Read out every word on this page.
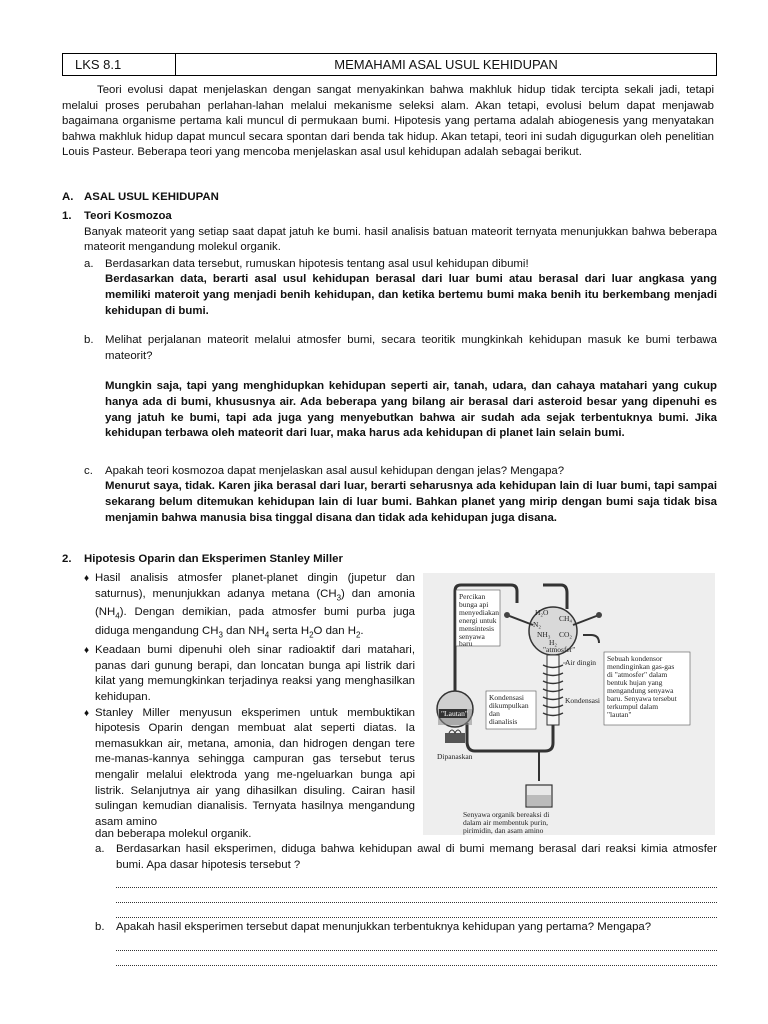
LKS 8.1	MEMAHAMI ASAL USUL KEHIDUPAN

Teori evolusi dapat menjelaskan dengan sangat menyakinkan bahwa makhluk hidup tidak tercipta sekali jadi, tetapi melalui proses perubahan perlahan-lahan melalui mekanisme seleksi alam. Akan tetapi, evolusi belum dapat menjawab bagaimana organisme pertama kali muncul di permukaan bumi. Hipotesis yang pertama adalah abiogenesis yang menyatakan bahwa makhluk hidup dapat muncul secara spontan dari benda tak hidup. Akan tetapi, teori ini sudah digugurkan oleh penelitian Louis Pasteur. Beberapa teori yang mencoba menjelaskan asal usul kehidupan adalah sebagai berikut.

A. ASAL USUL KEHIDUPAN
1. Teori Kosmozoa

Banyak mateorit yang setiap saat dapat jatuh ke bumi. hasil analisis batuan mateorit ternyata menunjukkan bahwa beberapa mateorit mengandung molekul organik.

a.	Berdasarkan data tersebut, rumuskan hipotesis tentang asal usul kehidupan dibumi!

Berdasarkan data, berarti asal usul kehidupan berasal dari luar bumi atau berasal dari luar angkasa yang memiliki materoit yang menjadi benih kehidupan, dan ketika bertemu bumi maka benih itu berkembang menjadi kehidupan di bumi.

b.	Melihat perjalanan mateorit melalui atmosfer bumi, secara teoritik mungkinkah kehidupan masuk ke bumi terbawa mateorit?

Mungkin saja, tapi yang menghidupkan kehidupan seperti air, tanah, udara, dan cahaya matahari yang cukup hanya ada di bumi, khususnya air. Ada beberapa yang bilang air berasal dari asteroid besar yang dipenuhi es yang jatuh ke bumi, tapi ada juga yang menyebutkan bahwa air sudah ada sejak terbentuknya bumi. Jika kehidupan terbawa oleh mateorit dari luar, maka harus ada kehidupan di planet lain selain bumi.

c.	Apakah teori kosmozoa dapat menjelaskan asal ausul kehidupan dengan jelas? Mengapa?

Menurut saya, tidak. Karen jika berasal dari luar, berarti seharusnya ada kehidupan lain di luar bumi, tapi sampai sekarang belum ditemukan kehidupan lain di luar bumi. Bahkan planet yang mirip dengan bumi saja tidak bisa menjamin bahwa manusia bisa tinggal disana dan tidak ada kehidupan juga disana.

2. Hipotesis Oparin dan Eksperimen Stanley Miller
♦ Hasil analisis atmosfer planet-planet dingin (jupetur dan saturnus), menunjukkan adanya metana $(CH_3)$ dan amonia $(NH_4)$. Dengan demikian, pada atmosfer bumi purba juga diduga mengandung $CH_3$ dan $NH_4$ serta $H_2O$ dan $H_2$.

♦ Keadaan bumi dipenuhi oleh sinar radioaktif dari matahari, panas dari gunung berapi, dan loncatan bunga api listrik dari kilat yang memungkinkan terjadinya reaksi yang menghasilkan kehidupan.

♦ Stanley Miller menyusun eksperimen untuk membuktikan hipotesis Oparin dengan membuat alat seperti diatas. Ia memasukkan air, metana, amonia, dan hidrogen dengan tere me-manas-kannya sehingga campuran gas tersebut terus mengalir melalui elektroda yang me-ngeluarkan bunga api listrik. Selanjutnya air yang dihasilkan disuling. Cairan hasil sulingan kemudian dianalisis. Ternyata hasilnya mengandung asam amino

dan beberapa molekul organik.

Percikan
bunga api
menyediakan
energi untuk
mensintesis
senyawa
baru
H₂O
CH₄
N₂
NH₃ CO₂
H₂
"atmosfer"
Air dingin
Kondensasi
Sebuah kondensor
mendinginkan gas-gas
di "atmosfer" dalam
bentuk hujan yang
mengandung senyawa
baru. Senyawa tersebut
terkumpul dalam
"lautan"
Kondensasi
dikumpulkan
dan
dianalisis
"Lautan"
Dipanaskan
Senyawa organik bereaksi di
dalam air membentuk purin,
pirimidin, dan asam amino
a.	Berdasarkan hasil eksperimen, diduga bahwa kehidupan awal di bumi memang berasal dari reaksi kimia atmosfer bumi. Apa dasar hipotesis tersebut ?

b.	Apakah hasil eksperimen tersebut dapat menunjukkan terbentuknya kehidupan yang pertama? Mengapa?
